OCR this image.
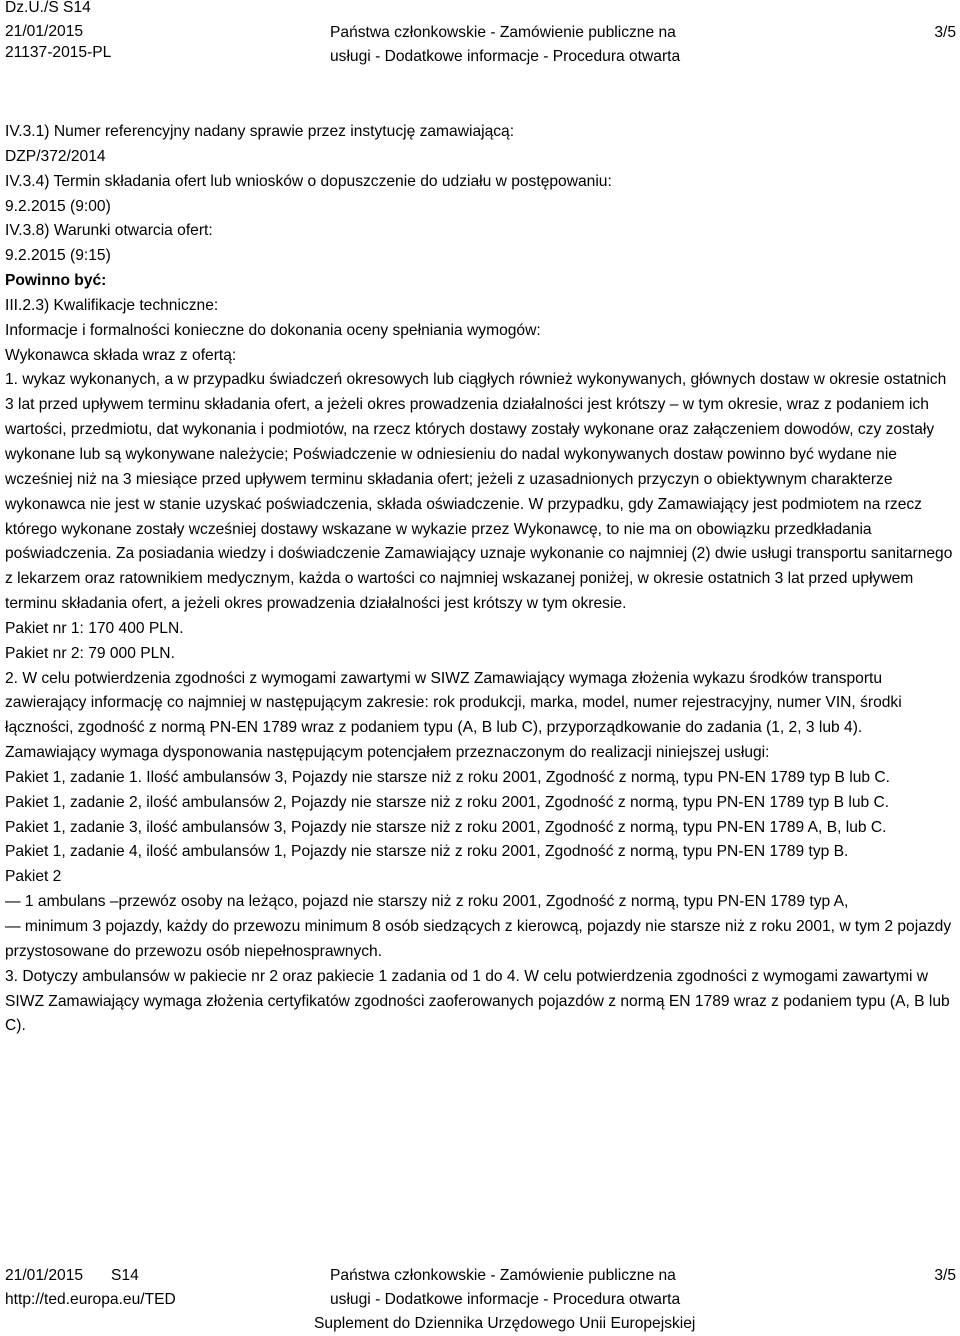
Dz.U./S S14
21/01/2015
21137-2015-PL
Państwa członkowskie - Zamówienie publiczne na
usługi - Dodatkowe informacje - Procedura otwarta
3/5

IV.3.1) Numer referencyjny nadany sprawie przez instytucję zamawiającą:

DZP/372/2014

IV.3.4) Termin składania ofert lub wniosków o dopuszczenie do udziału w postępowaniu:

9.2.2015 (9:00)

IV.3.8) Warunki otwarcia ofert:

9.2.2015 (9:15)

Powinno być:

III.2.3) Kwalifikacje techniczne:

Informacje i formalności konieczne do dokonania oceny spełniania wymogów:

Wykonawca składa wraz z ofertą:

1. wykaz wykonanych, a w przypadku świadczeń okresowych lub ciągłych również wykonywanych, głównych dostaw w okresie ostatnich 3 lat przed upływem terminu składania ofert, a jeżeli okres prowadzenia działalności jest krótszy – w tym okresie, wraz z podaniem ich wartości, przedmiotu, dat wykonania i podmiotów, na rzecz których dostawy zostały wykonane oraz załączeniem dowodów, czy zostały wykonane lub są wykonywane należycie; Poświadczenie w odniesieniu do nadal wykonywanych dostaw powinno być wydane nie wcześniej niż na 3 miesiące przed upływem terminu składania ofert; jeżeli z uzasadnionych przyczyn o obiektywnym charakterze wykonawca nie jest w stanie uzyskać poświadczenia, składa oświadczenie. W przypadku, gdy Zamawiający jest podmiotem na rzecz którego wykonane zostały wcześniej dostawy wskazane w wykazie przez Wykonawcę, to nie ma on obowiązku przedkładania poświadczenia. Za posiadania wiedzy i doświadczenie Zamawiający uznaje wykonanie co najmniej (2) dwie usługi transportu sanitarnego z lekarzem oraz ratownikiem medycznym, każda o wartości co najmniej wskazanej poniżej, w okresie ostatnich 3 lat przed upływem terminu składania ofert, a jeżeli okres prowadzenia działalności jest krótszy w tym okresie.

Pakiet nr 1: 170 400 PLN.

Pakiet nr 2: 79 000 PLN.

2. W celu potwierdzenia zgodności z wymogami zawartymi w SIWZ Zamawiający wymaga złożenia wykazu środków transportu zawierający informację co najmniej w następującym zakresie: rok produkcji, marka, model, numer rejestracyjny, numer VIN, środki łączności, zgodność z normą PN-EN 1789 wraz z podaniem typu (A, B lub C), przyporządkowanie do zadania (1, 2, 3 lub 4).

Zamawiający wymaga dysponowania następującym potencjałem przeznaczonym do realizacji niniejszej usługi:

Pakiet 1, zadanie 1. Ilość ambulansów 3, Pojazdy nie starsze niż z roku 2001, Zgodność z normą, typu PN-EN 1789 typ B lub C.

Pakiet 1, zadanie 2, ilość ambulansów 2, Pojazdy nie starsze niż z roku 2001, Zgodność z normą, typu PN-EN 1789 typ B lub C.

Pakiet 1, zadanie 3, ilość ambulansów 3, Pojazdy nie starsze niż z roku 2001, Zgodność z normą, typu PN-EN 1789 A, B, lub C.

Pakiet 1, zadanie 4, ilość ambulansów 1, Pojazdy nie starsze niż z roku 2001, Zgodność z normą, typu PN-EN 1789 typ B.

Pakiet 2

— 1 ambulans –przewóz osoby na leżąco, pojazd nie starszy niż z roku 2001, Zgodność z normą, typu PN-EN 1789 typ A,

— minimum 3 pojazdy, każdy do przewozu minimum 8 osób siedzących z kierowcą, pojazdy nie starsze niż z roku 2001, w tym 2 pojazdy przystosowane do przewozu osób niepełnosprawnych.

3. Dotyczy ambulansów w pakiecie nr 2 oraz pakiecie 1 zadania od 1 do 4. W celu potwierdzenia zgodności z wymogami zawartymi w SIWZ Zamawiający wymaga złożenia certyfikatów zgodności zaoferowanych pojazdów z normą EN 1789 wraz z podaniem typu (A, B lub C).

21/01/2015 S14
http://ted.europa.eu/TED
Państwa członkowskie - Zamówienie publiczne na
usługi - Dodatkowe informacje - Procedura otwarta
Suplement do Dziennika Urzędowego Unii Europejskiej
3/5
